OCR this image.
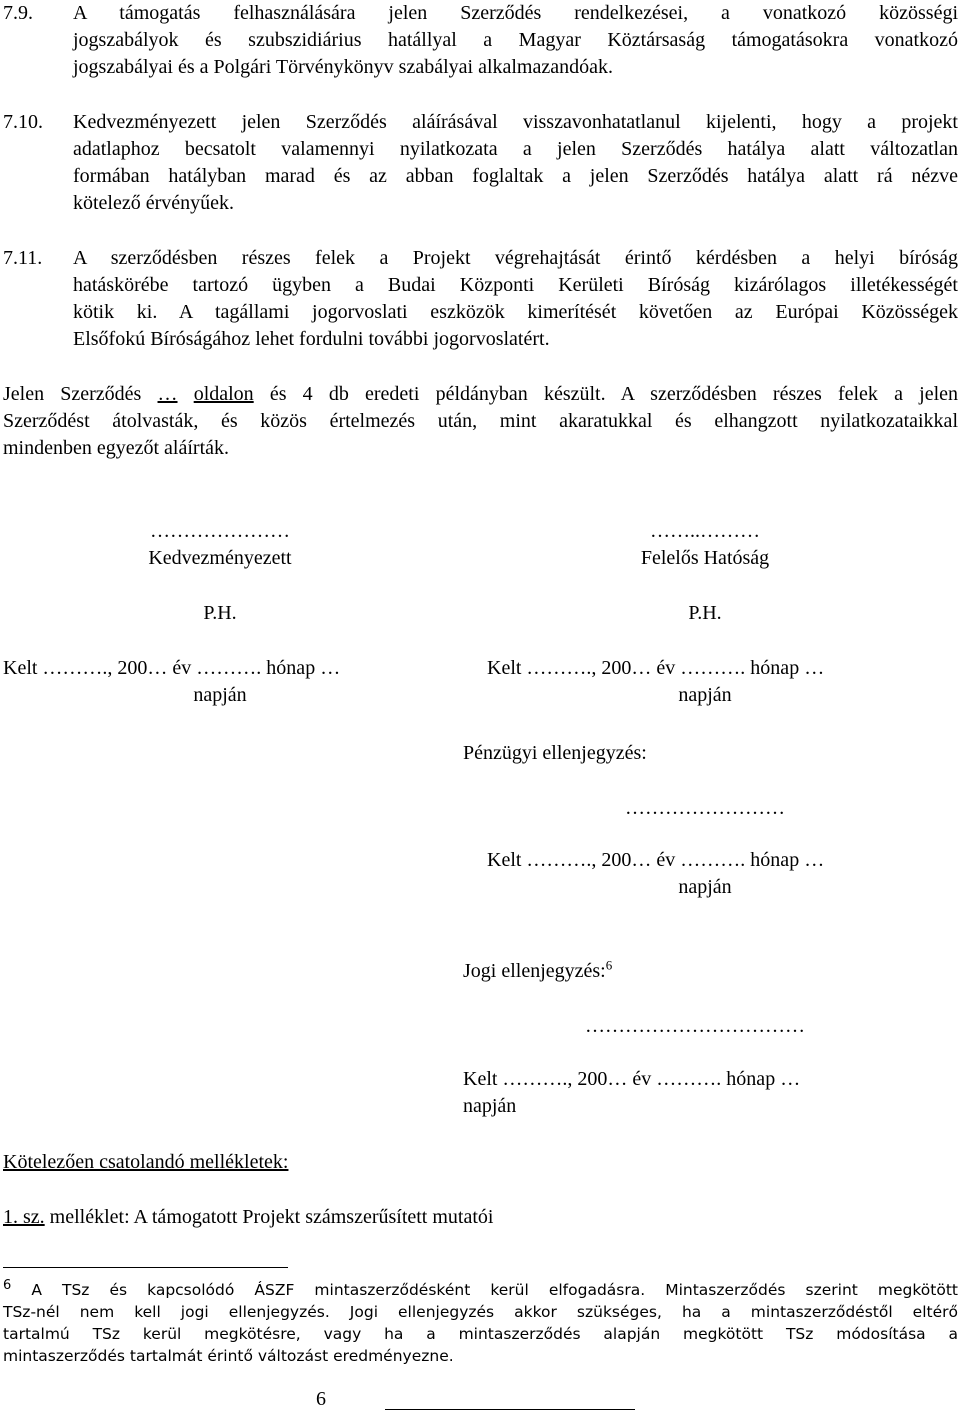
7.9. A támogatás felhasználására jelen Szerződés rendelkezései, a vonatkozó közösségi
jogszabályok és szubszidiárius hatállyal a Magyar Köztársaság támogatásokra vonatkozó
jogszabályai és a Polgári Törvénykönyv szabályai alkalmazandóak.
7.10. Kedvezményezett jelen Szerződés aláírásával visszavonhatatlanul kijelenti, hogy a projekt
adatlaphoz becsatolt valamennyi nyilatkozata a jelen Szerződés hatálya alatt változatlan
formában hatályban marad és az abban foglaltak a jelen Szerződés hatálya alatt rá nézve
kötelező érvényűek.
7.11. A szerződésben részes felek a Projekt végrehajtását érintő kérdésben a helyi bíróság
hatáskörébe tartozó ügyben a Budai Központi Kerületi Bíróság kizárólagos illetékességét
kötik ki. A tagállami jogorvoslati eszközök kimerítését követően az Európai Közösségek
Elsőfokú Bíróságához lehet fordulni további jogorvoslatért.
Jelen Szerződés … oldalon és 4 db eredeti példányban készült. A szerződésben részes felek a jelen
Szerződést átolvasták, és közös értelmezés után, mint akaratukkal és elhangzott nyilatkozataikkal
mindenben egyezőt aláírták.
…………………
Kedvezményezett
P.H.
Kelt ………., 200… év ………. hónap …
napján
……..………
Felelős Hatóság
P.H.
Kelt ………., 200… év ………. hónap …
napján
Pénzügyi ellenjegyzés:
……………………
Kelt ………., 200… év ………. hónap …
napján
Jogi ellenjegyzés:$^6$
……………………………
Kelt ………., 200… év ………. hónap …
napján
Kötelezően csatolandó mellékletek:
1. sz. melléklet: A támogatott Projekt számszerűsített mutatói
$^6$ A TSz és kapcsolódó ÁSZF mintaszerződésként kerül elfogadásra. Mintaszerződés szerint megkötött
TSz-nél nem kell jogi ellenjegyzés. Jogi ellenjegyzés akkor szükséges, ha a mintaszerződéstől eltérő
tartalmú TSz kerül megkötésre, vagy ha a mintaszerződés alapján megkötött TSz módosítása a
mintaszerződés tartalmát érintő változást eredményezne.
6
